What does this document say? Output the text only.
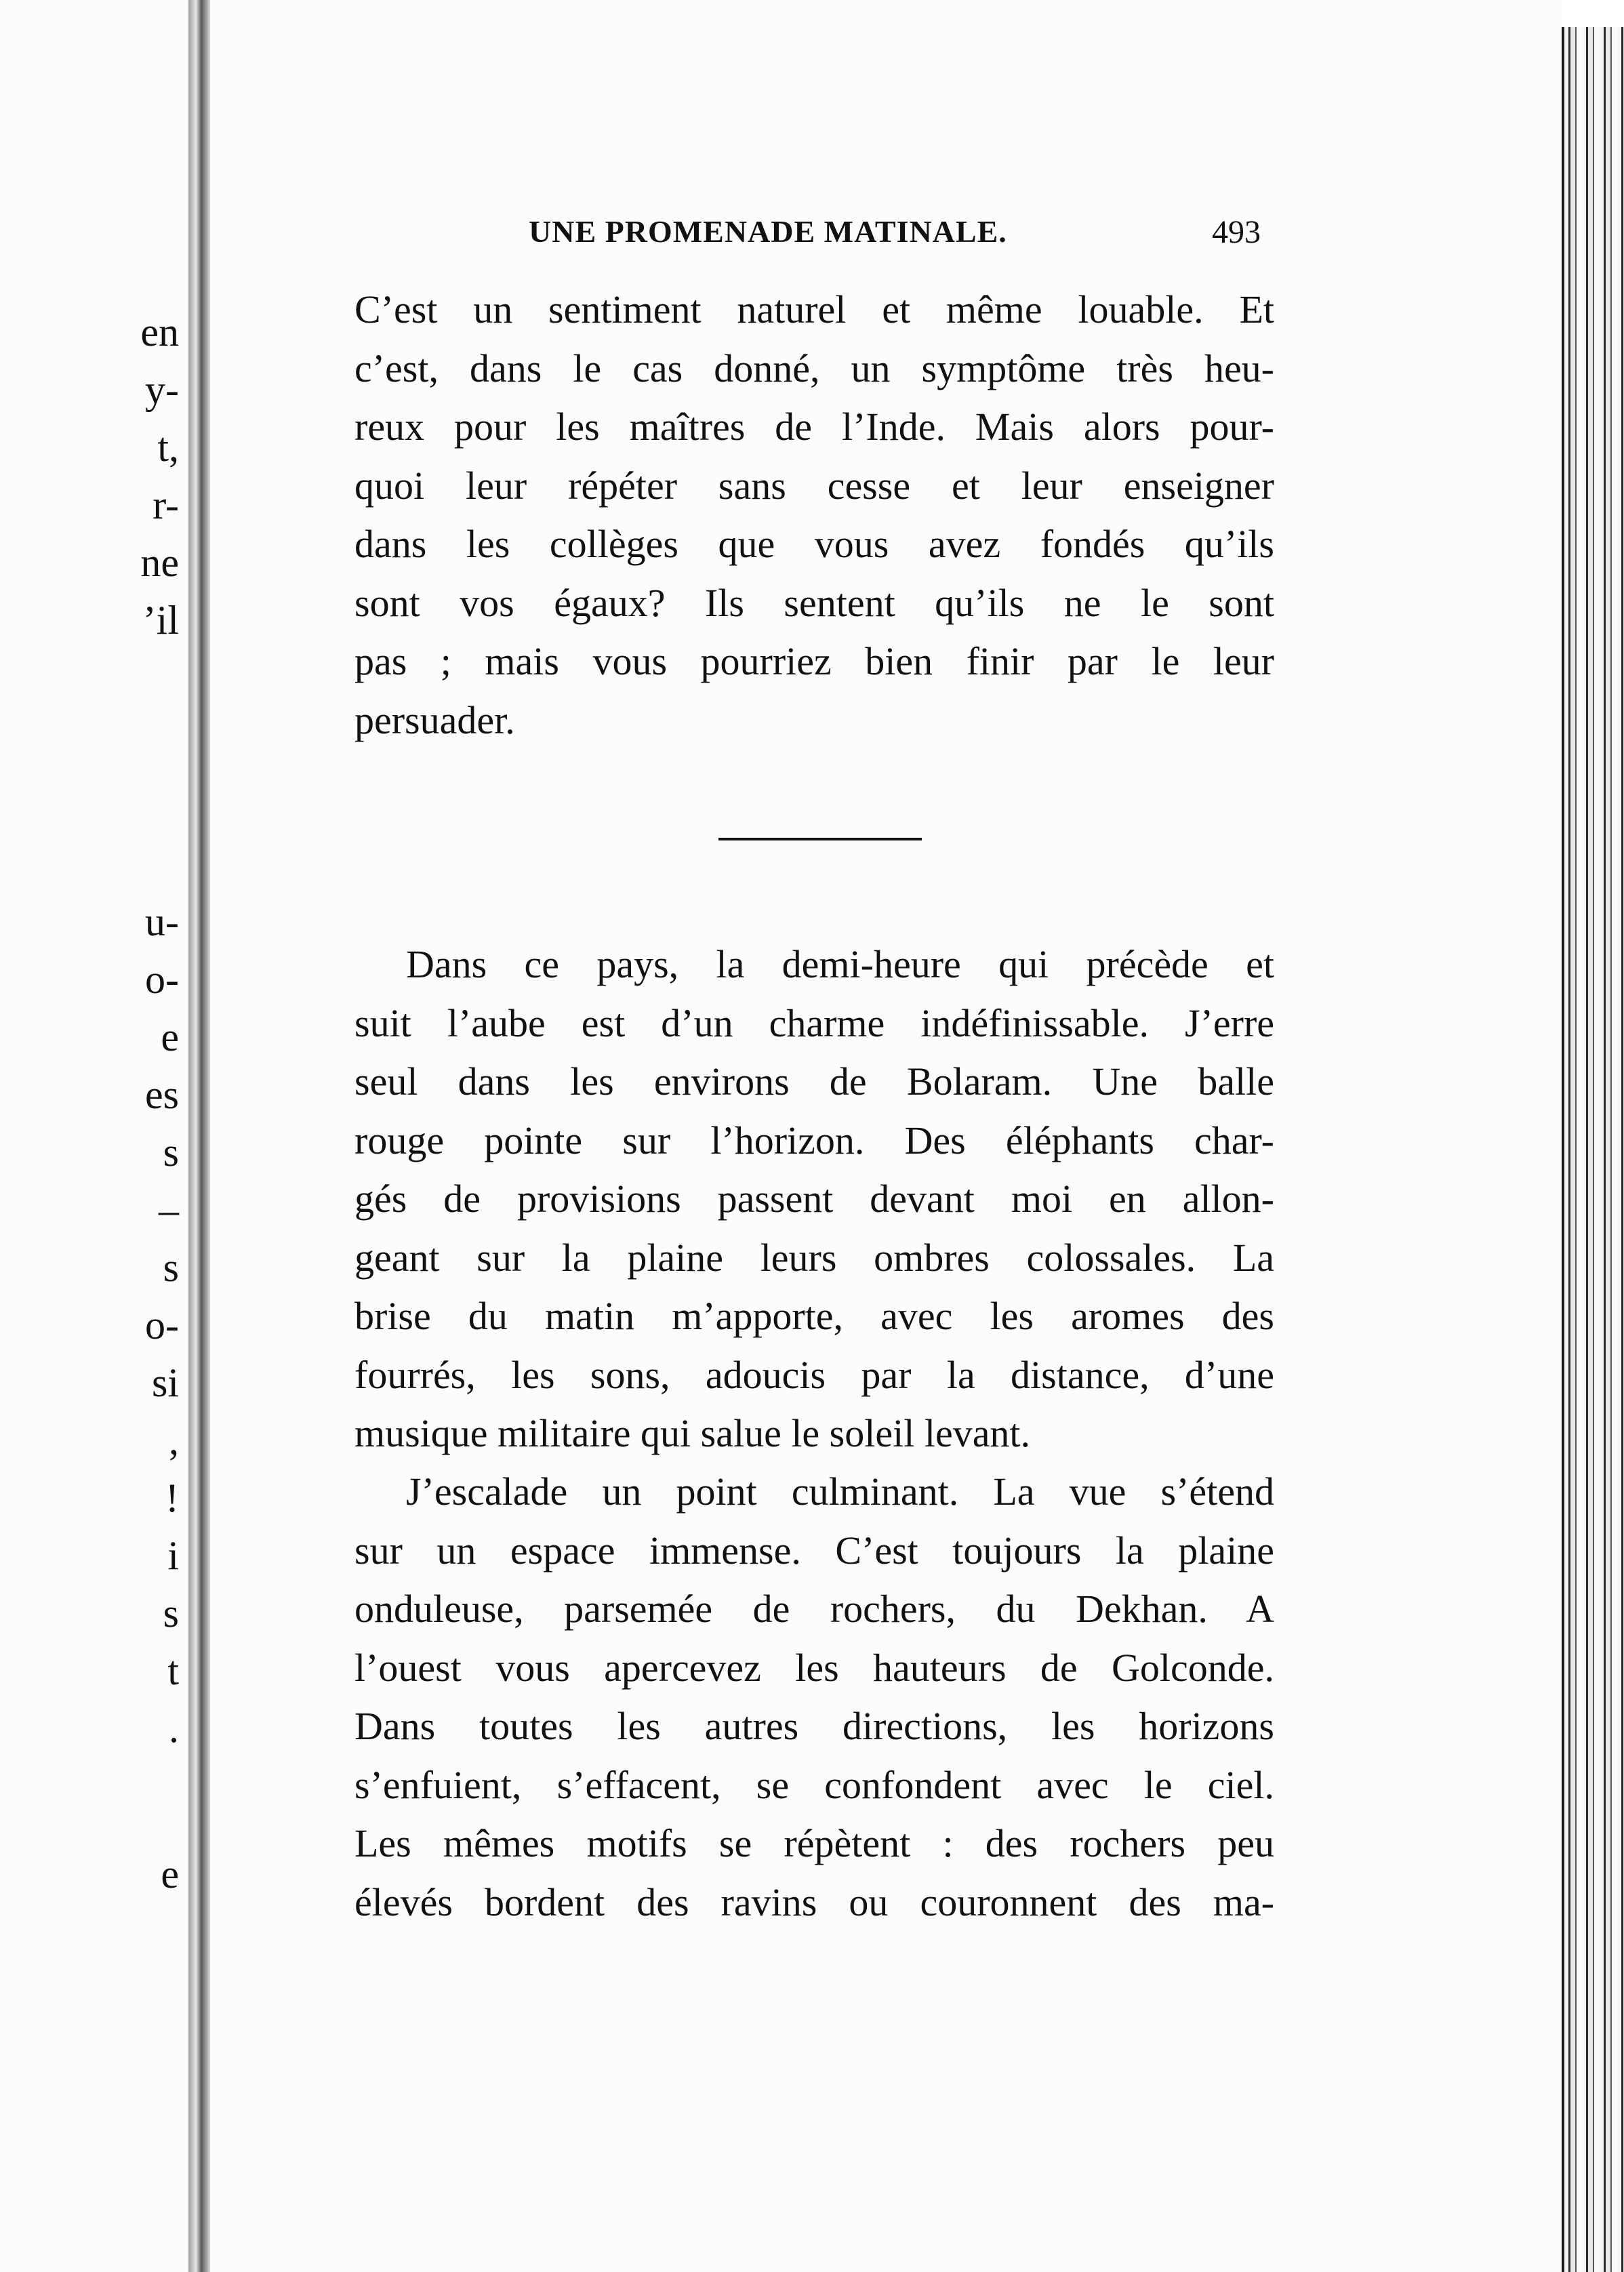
en
y-
t,
r-
ne
’il
u-
o-
e
es
s
–
s
o-
si
,
!
i
s
t
.
e
UNE PROMENADE MATINALE.	493
C’est un sentiment naturel et même louable. Et
c’est, dans le cas donné, un symptôme très heu-
reux pour les maîtres de l’Inde. Mais alors pour-
quoi leur répéter sans cesse et leur enseigner
dans les collèges que vous avez fondés qu’ils
sont vos égaux? Ils sentent qu’ils ne le sont
pas ; mais vous pourriez bien finir par le leur
persuader.
Dans ce pays, la demi-heure qui précède et
suit l’aube est d’un charme indéfinissable. J’erre
seul dans les environs de Bolaram. Une balle
rouge pointe sur l’horizon. Des éléphants char-
gés de provisions passent devant moi en allon-
geant sur la plaine leurs ombres colossales. La
brise du matin m’apporte, avec les aromes des
fourrés, les sons, adoucis par la distance, d’une
musique militaire qui salue le soleil levant.
J’escalade un point culminant. La vue s’étend
sur un espace immense. C’est toujours la plaine
onduleuse, parsemée de rochers, du Dekhan. A
l’ouest vous apercevez les hauteurs de Golconde.
Dans toutes les autres directions, les horizons
s’enfuient, s’effacent, se confondent avec le ciel.
Les mêmes motifs se répètent : des rochers peu
élevés bordent des ravins ou couronnent des ma-
